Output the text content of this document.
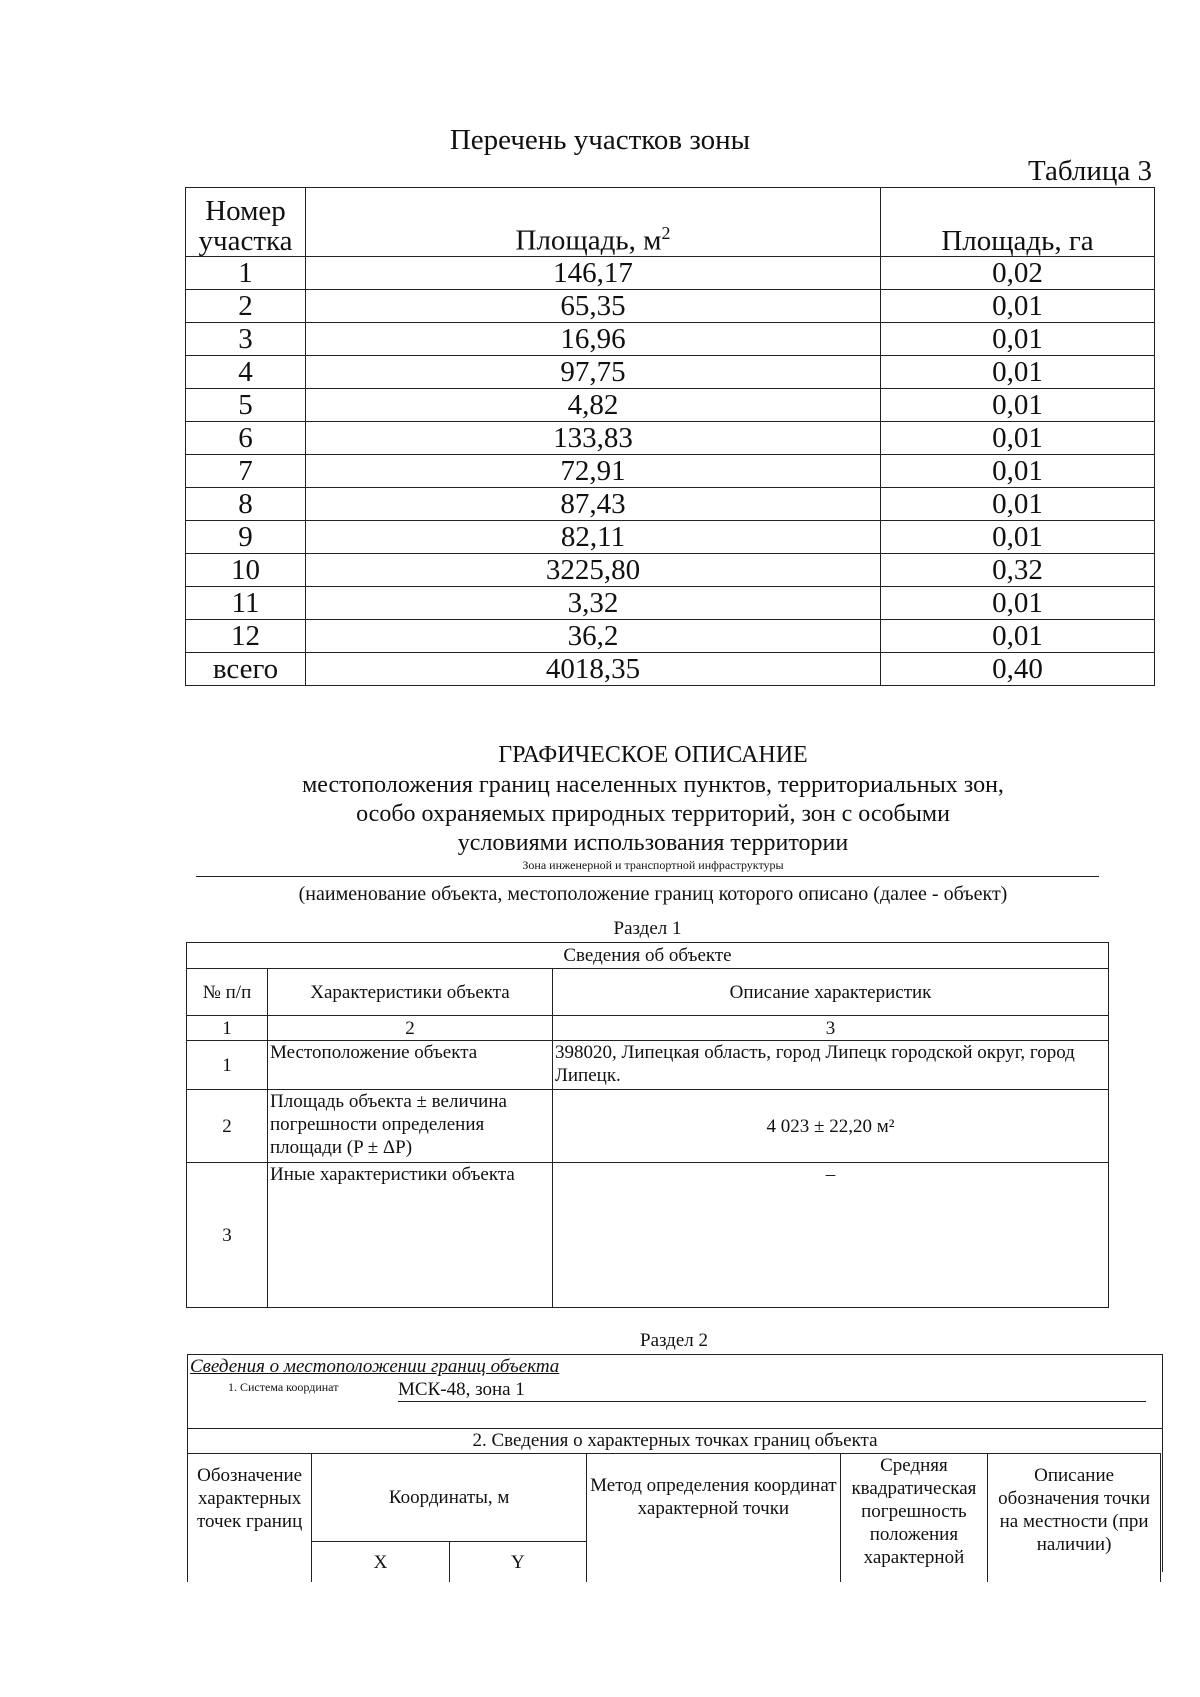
Перечень участков зоны
Таблица 3
Номер участка	Площадь, $м^2$	Площадь, га
1	146,17	0,02
2	65,35	0,01
3	16,96	0,01
4	97,75	0,01
5	4,82	0,01
6	133,83	0,01
7	72,91	0,01
8	87,43	0,01
9	82,11	0,01
10	3225,80	0,32
11	3,32	0,01
12	36,2	0,01
всего	4018,35	0,40
ГРАФИЧЕСКОЕ ОПИСАНИЕ
местоположения границ населенных пунктов, территориальных зон,
особо охраняемых природных территорий, зон с особыми
условиями использования территории
Зона инженерной и транспортной инфраструктуры
(наименование объекта, местоположение границ которого описано (далее - объект)
Раздел 1
Сведения об объекте		
№ п/п	Характеристики объекта	Описание характеристик
1	2	3
1	Местоположение объекта	398020, Липецкая область, город Липецк городской округ, город Липецк.
2	Площадь объекта ± величина погрешности определения площади (P ± ΔP)	4 023 ± 22,20 м²
3	Иные характеристики объекта	–
Раздел 2
Сведения о местоположении границ объекта
1. Система координат	МСК-48, зона 1
2. Сведения о характерных точках границ объекта
Обозначение характерных точек границ	Координаты, м		Метод определения координат характерной точки	Средняя квадратическая погрешность положения характерной	Описание обозначения точки на местности (при наличии)
	X	Y			
